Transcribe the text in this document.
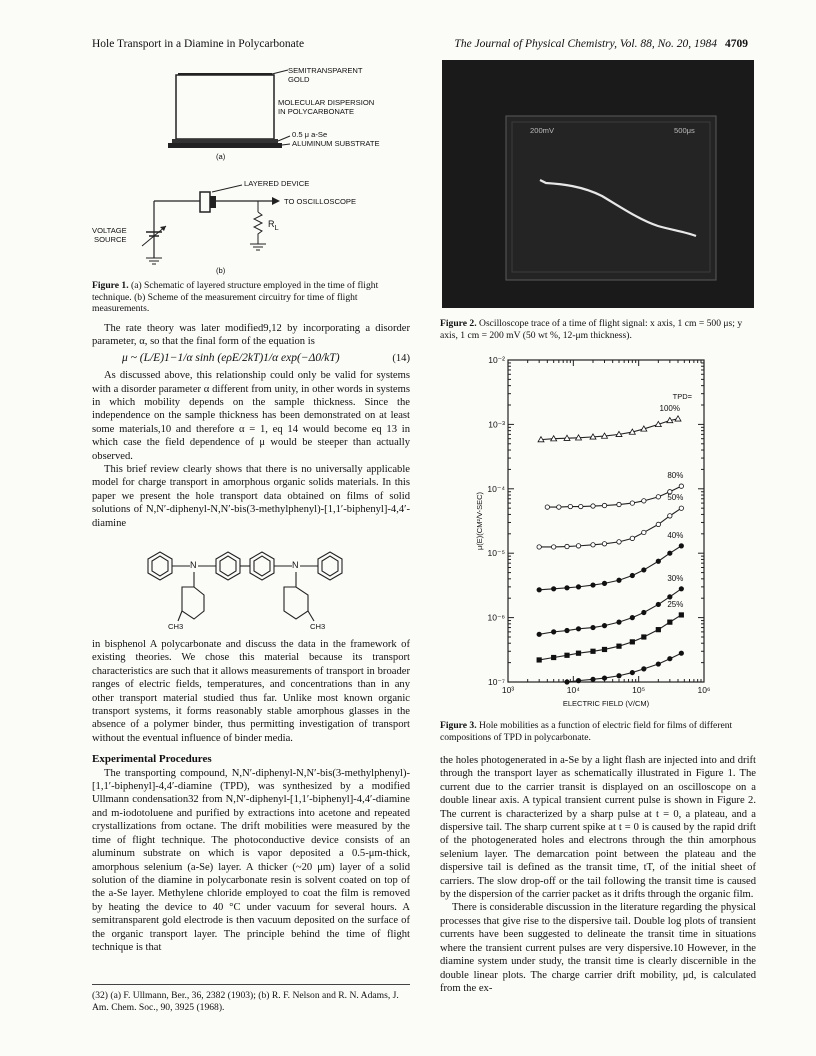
Hole Transport in a Diamine in Polycarbonate	The Journal of Physical Chemistry, Vol. 88, No. 20, 1984 4709
SEMITRANSPARENT
GOLD
MOLECULAR DISPERSION
IN POLYCARBONATE
0.5 μ a-Se
ALUMINUM SUBSTRATE
(a)
LAYERED DEVICE
TO OSCILLOSCOPE
VOLTAGE
SOURCE
$R_L$
(b)
Figure 1. (a) Schematic of layered structure employed in the time of flight technique. (b) Scheme of the measurement circuitry for time of flight measurements.

The rate theory was later modified9,12 by incorporating a disorder parameter, α, so that the final form of the equation is

μ ~ (L/E)1−1/α sinh (eρE/2kT)1/α exp(−Δ0/kT)	(14)

As discussed above, this relationship could only be valid for systems with a disorder parameter α different from unity, in other words in systems in which mobility depends on the sample thickness. Since the independence on the sample thickness has been demonstrated on at least some materials,10 and therefore α = 1, eq 14 would become eq 13 in which case the field dependence of μ would be steeper than actually observed.

This brief review clearly shows that there is no universally applicable model for charge transport in amorphous organic solids materials. In this paper we present the hole transport data obtained on films of solid solutions of N,N′-diphenyl-N,N′-bis(3-methylphenyl)-[1,1′-biphenyl]-4,4′-diamine

N	N
CH3	CH3

in bisphenol A polycarbonate and discuss the data in the framework of existing theories. We chose this material because its transport characteristics are such that it allows measurements of transport in broader ranges of electric fields, temperatures, and concentrations than in any other transport material studied thus far. Unlike most known organic transport systems, it forms reasonably stable amorphous glasses in the absence of a polymer binder, thus permitting investigation of transport without the eventual influence of binder media.

Experimental Procedures

The transporting compound, N,N′-diphenyl-N,N′-bis(3-methylphenyl)-[1,1′-biphenyl]-4,4′-diamine (TPD), was synthesized by a modified Ullmann condensation32 from N,N′-diphenyl-[1,1′-biphenyl]-4,4′-diamine and m-iodotoluene and purified by extractions into acetone and repeated crystallizations from octane. The drift mobilities were measured by the time of flight technique. The photoconductive device consists of an aluminum substrate on which is vapor deposited a 0.5-μm-thick, amorphous selenium (a-Se) layer. A thicker (~20 μm) layer of a solid solution of the diamine in polycarbonate resin is solvent coated on top of the a-Se layer. Methylene chloride employed to coat the film is removed by heating the device to 40 °C under vacuum for several hours. A semitransparent gold electrode is then vacuum deposited on the surface of the organic transport layer. The principle behind the time of flight technique is that

(32) (a) F. Ullmann, Ber., 36, 2382 (1903); (b) R. F. Nelson and R. N. Adams, J. Am. Chem. Soc., 90, 3925 (1968).
200mV	500μs
Figure 2. Oscilloscope trace of a time of flight signal: x axis, 1 cm = 500 μs; y axis, 1 cm = 200 mV (50 wt %, 12-μm thickness).
10³	10⁴	10⁵	10⁶
10⁻²
10⁻³
10⁻⁴
10⁻⁵
10⁻⁶
10⁻⁷
ELECTRIC FIELD (V/CM)
μ(E)(CM²/V-SEC)
TPD=
100%
80%
50%
40%
30%
25%
Figure 3. Hole mobilities as a function of electric field for films of different compositions of TPD in polycarbonate.

the holes photogenerated in a-Se by a light flash are injected into and drift through the transport layer as schematically illustrated in Figure 1. The current due to the carrier transit is displayed on an oscilloscope on a double linear axis. A typical transient current pulse is shown in Figure 2. The current is characterized by a sharp pulse at t = 0, a plateau, and a dispersive tail. The sharp current spike at t = 0 is caused by the rapid drift of the photogenerated holes and electrons through the thin amorphous selenium layer. The demarcation point between the plateau and the dispersive tail is defined as the transit time, tT, of the initial sheet of carriers. The slow drop-off or the tail following the transit time is caused by the dispersion of the carrier packet as it drifts through the organic film.

There is considerable discussion in the literature regarding the physical processes that give rise to the dispersive tail. Double log plots of transient currents have been suggested to delineate the transit time in situations where the transient current pulses are very dispersive.10 However, in the diamine system under study, the transit time is clearly discernible in the double linear plots. The charge carrier drift mobility, μd, is calculated from the ex-
